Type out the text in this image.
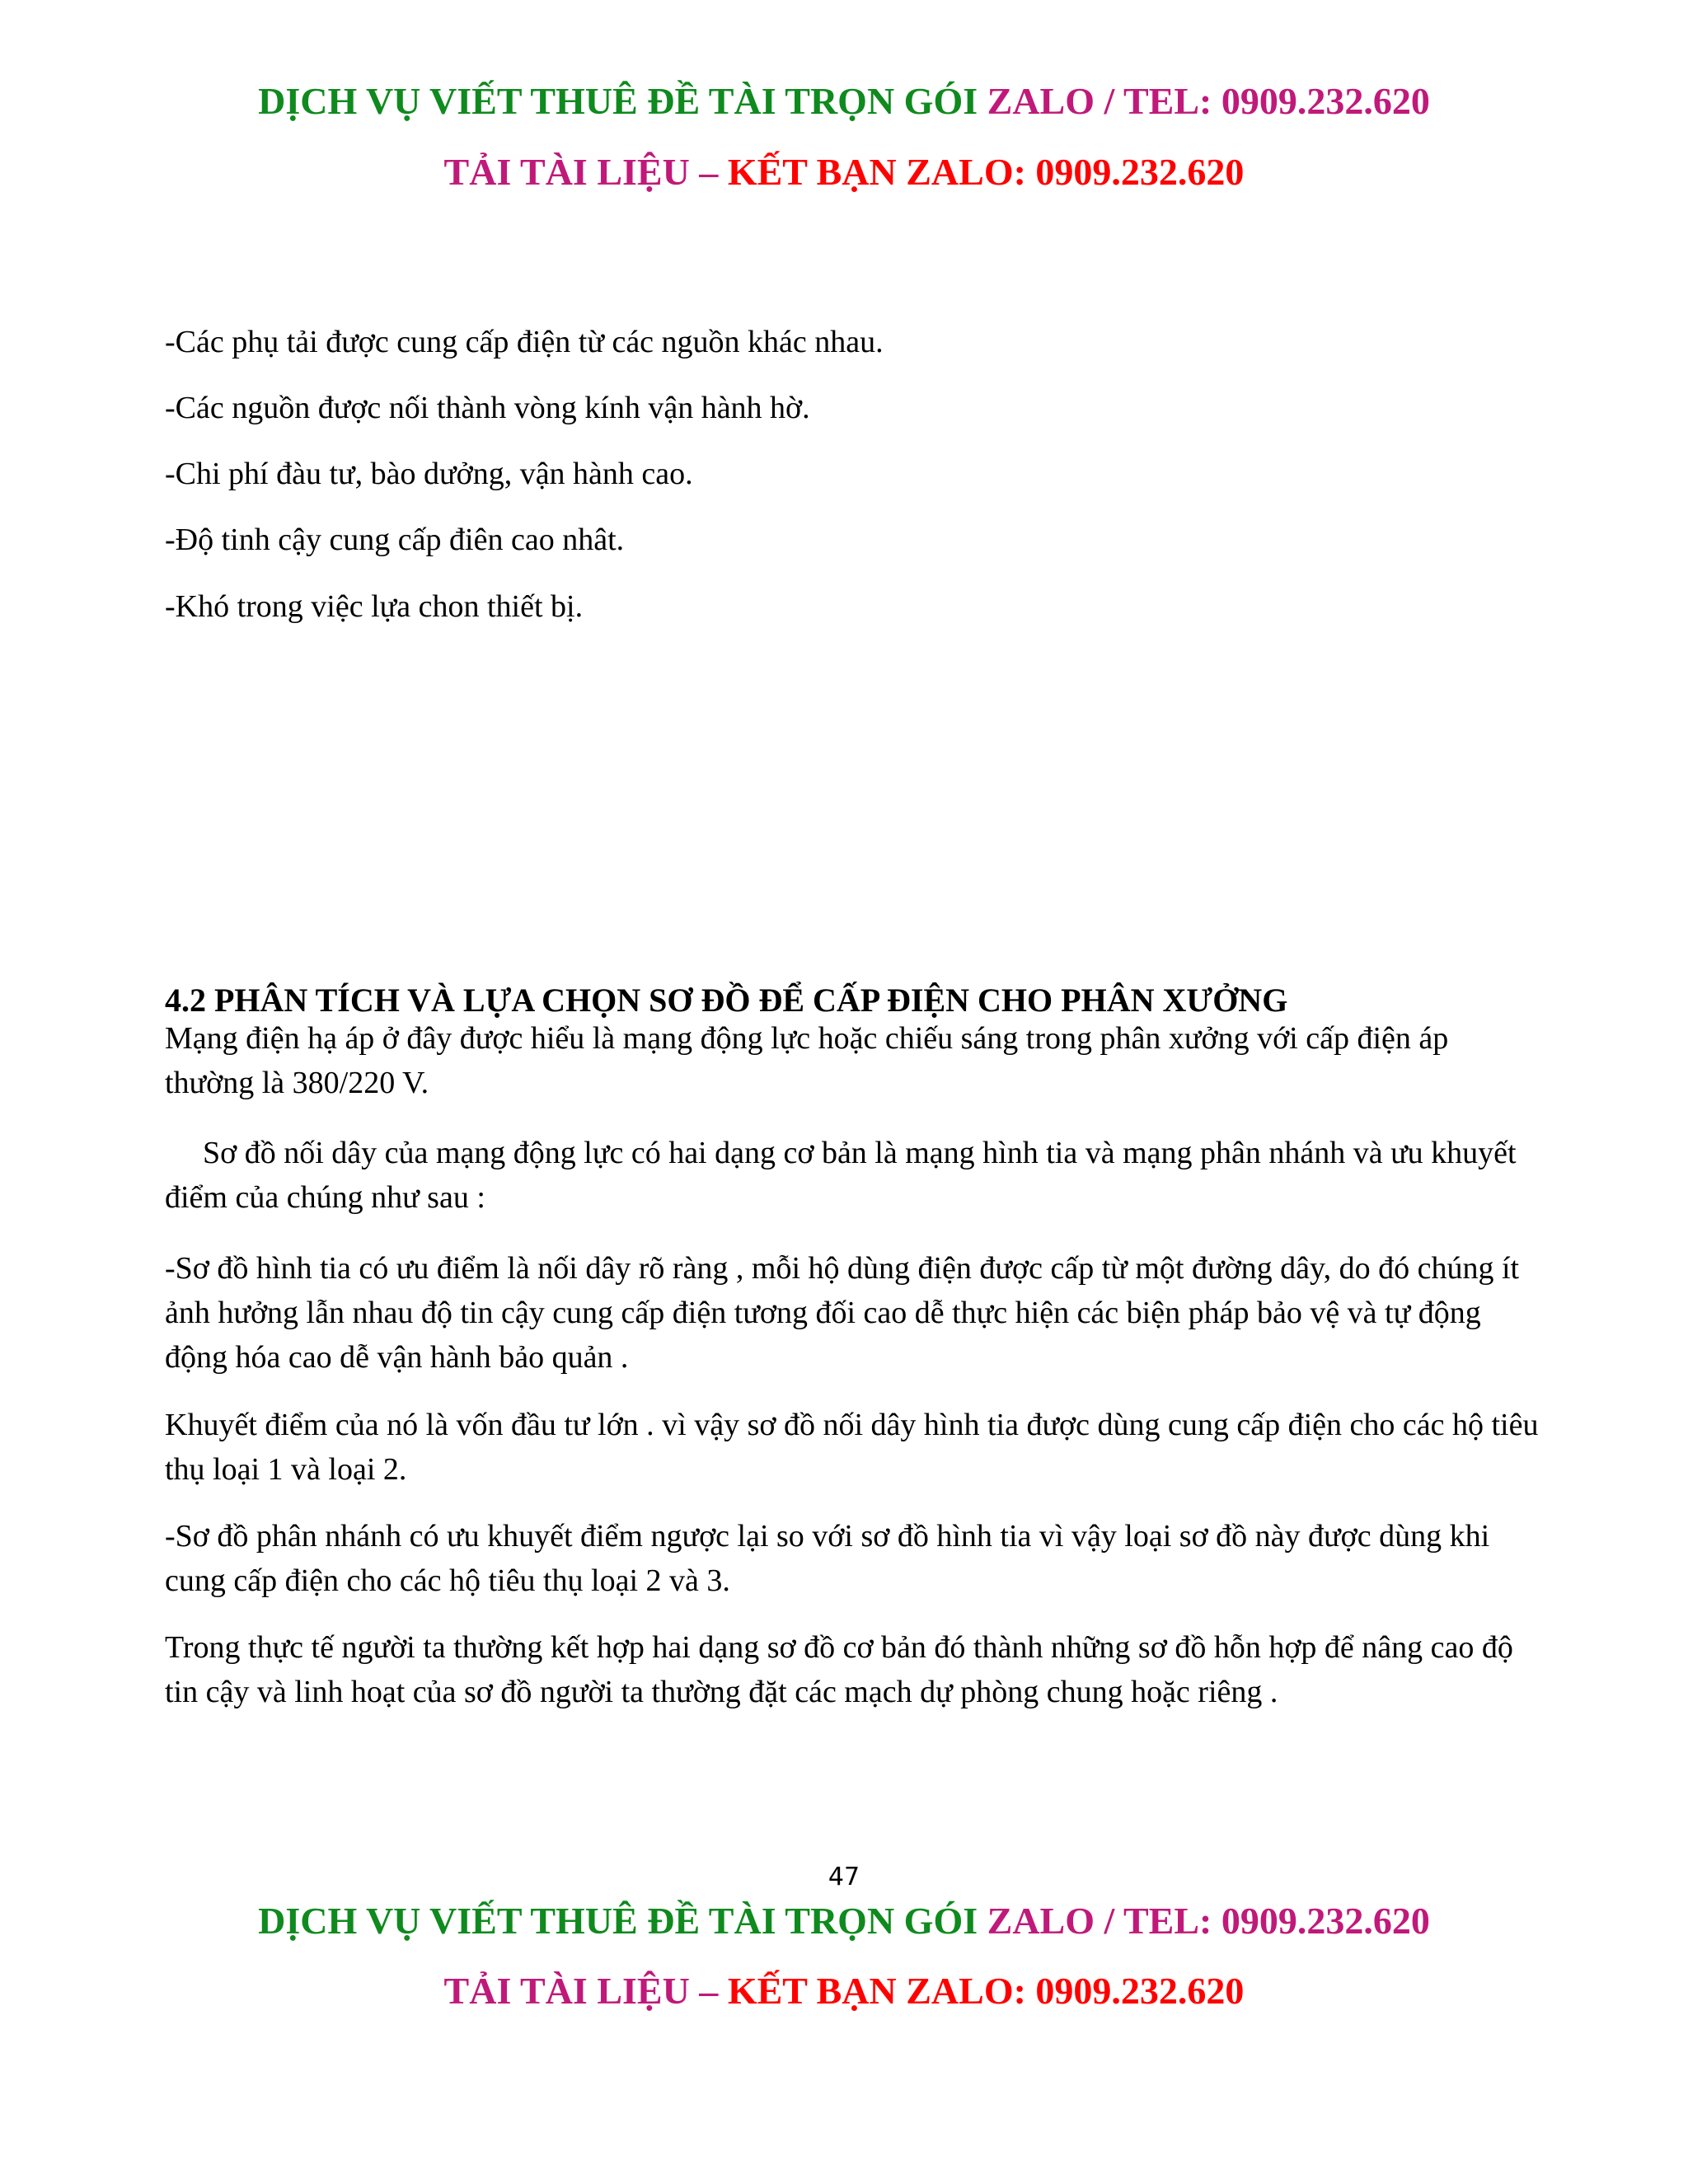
DỊCH VỤ VIẾT THUÊ ĐỀ TÀI TRỌN GÓI ZALO / TEL: 0909.232.620
TẢI TÀI LIỆU – KẾT BẠN ZALO: 0909.232.620
-Các phụ tải được cung cấp điện từ các nguồn khác nhau.
-Các nguồn được nối thành vòng kính vận hành hờ.
-Chi phí đàu tư, bào dưởng, vận hành cao.
-Độ tinh cậy cung cấp điên cao nhât.
-Khó trong việc lựa chon thiết bị.
4.2 PHÂN TÍCH VÀ LỰA CHỌN SƠ ĐỒ ĐỂ CẤP ĐIỆN CHO PHÂN XƯỞNG

Mạng điện hạ áp ở đây được hiểu là mạng động lực hoặc chiếu sáng trong phân xưởng với cấp điện áp thường là 380/220 V.

Sơ đồ nối dây của mạng động lực có hai dạng cơ bản là mạng hình tia và mạng phân nhánh và ưu khuyết điểm của chúng như sau :

-Sơ đồ hình tia có ưu điểm là nối dây rõ ràng , mỗi hộ dùng điện được cấp từ một đường dây, do đó chúng ít ảnh hưởng lẫn nhau độ tin cậy cung cấp điện tương đối cao dễ thực hiện các biện pháp bảo vệ và tự động động hóa cao dễ vận hành bảo quản .

Khuyết điểm của nó là vốn đầu tư lớn . vì vậy sơ đồ nối dây hình tia được dùng cung cấp điện cho các hộ tiêu thụ loại 1 và loại 2.

-Sơ đồ phân nhánh có ưu khuyết điểm ngược lại so với sơ đồ hình tia vì vậy loại sơ đồ này được dùng khi cung cấp điện cho các hộ tiêu thụ loại 2 và 3.

Trong thực tế người ta thường kết hợp hai dạng sơ đồ cơ bản đó thành những sơ đồ hỗn hợp để nâng cao độ tin cậy và linh hoạt của sơ đồ người ta thường đặt các mạch dự phòng chung hoặc riêng .

47
DỊCH VỤ VIẾT THUÊ ĐỀ TÀI TRỌN GÓI ZALO / TEL: 0909.232.620
TẢI TÀI LIỆU – KẾT BẠN ZALO: 0909.232.620
